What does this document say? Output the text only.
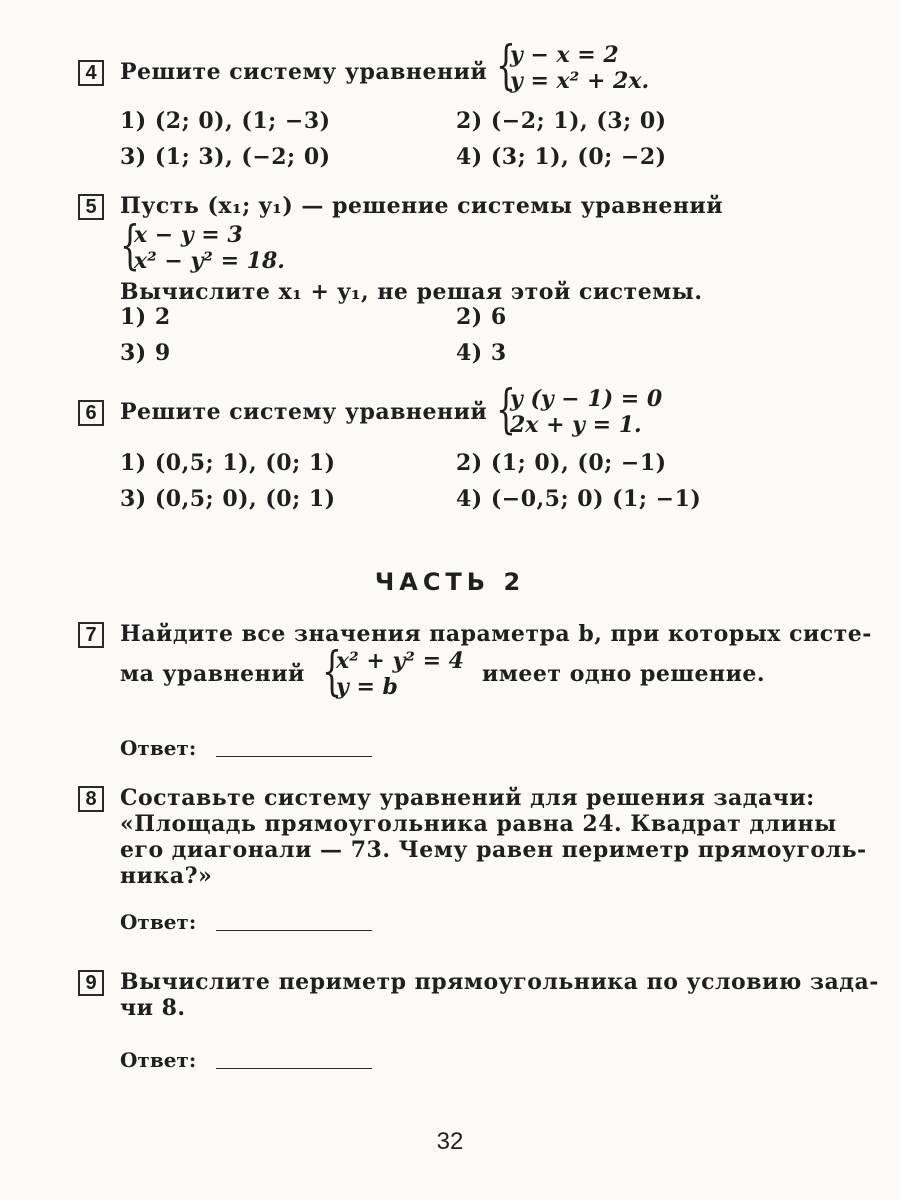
4	Решите систему уравнений {
y − x = 2
y = x² + 2x.
1) (2; 0), (1; −3)	2) (−2; 1), (3; 0)
3) (1; 3), (−2; 0)	4) (3; 1), (0; −2)
5	Пусть (x₁; y₁) — решение системы уравнений
{
x − y = 3
x² − y² = 18.
Вычислите x₁ + y₁, не решая этой системы.
1) 2	2) 6
3) 9	4) 3
6	Решите систему уравнений {
y (y − 1) = 0
2x + y = 1.
1) (0,5; 1), (0; 1)	2) (1; 0), (0; −1)
3) (0,5; 0), (0; 1)	4) (−0,5; 0) (1; −1)
ЧАСТЬ 2
7	Найдите все значения параметра b, при которых систе-
ма уравнений {
x² + y² = 4
y = b	имеет одно решение.
Ответ:
8	Составьте систему уравнений для решения задачи:
«Площадь прямоугольника равна 24. Квадрат длины
его диагонали — 73. Чему равен периметр прямоуголь-
ника?»
Ответ:
9	Вычислите периметр прямоугольника по условию зада-
чи 8.
Ответ:
32
